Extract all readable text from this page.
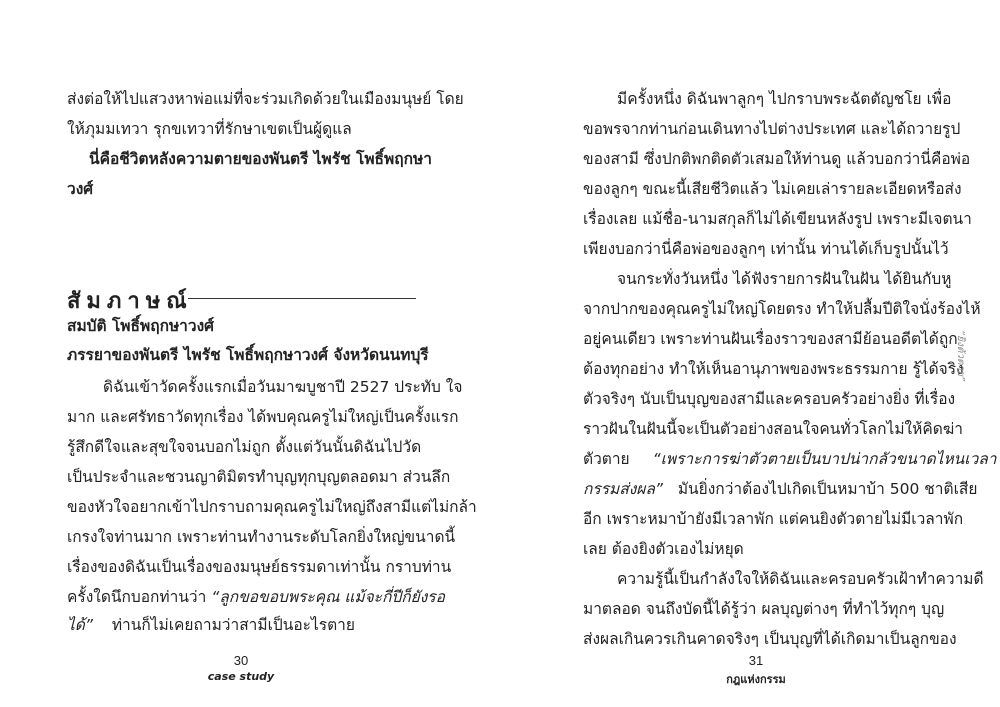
ส่งต่อให้ไปแสวงหาพ่อแม่ที่จะร่วมเกิดด้วยในเมืองมนุษย์ โดย
ให้ภุมมเทวา รุกขเทวาที่รักษาเขตเป็นผู้ดูแล
นี่คือชีวิตหลังความตายของพันตรี ไพรัช โพธิ์พฤกษา
วงศ์
สัมภาษณ์
สมบัติ โพธิ์พฤกษาวงศ์
ภรรยาของพันตรี ไพรัช โพธิ์พฤกษาวงศ์ จังหวัดนนทบุรี
ดิฉันเข้าวัดครั้งแรกเมื่อวันมาฆบูชาปี 2527 ประทับ ใจ
มาก และศรัทธาวัดทุกเรื่อง ได้พบคุณครูไม่ใหญ่เป็นครั้งแรก
รู้สึกดีใจและสุขใจจนบอกไม่ถูก ตั้งแต่วันนั้นดิฉันไปวัด
เป็นประจำและชวนญาติมิตรทำบุญทุกบุญตลอดมา ส่วนลึก
ของหัวใจอยากเข้าไปกราบถามคุณครูไม่ใหญ่ถึงสามีแต่ไม่กล้า
เกรงใจท่านมาก เพราะท่านทำงานระดับโลกยิ่งใหญ่ขนาดนี้
เรื่องของดิฉันเป็นเรื่องของมนุษย์ธรรมดาเท่านั้น กราบท่าน
ครั้งใดนึกบอกท่านว่า “ลูกขอขอบพระคุณ แม้จะกี่ปีก็ยังรอ
ได้” ท่านก็ไม่เคยถามว่าสามีเป็นอะไรตาย
30
case study
มีครั้งหนึ่ง ดิฉันพาลูกๆ ไปกราบพระฉัตตัญชโย เพื่อ
ขอพรจากท่านก่อนเดินทางไปต่างประเทศ และได้ถวายรูป
ของสามี ซึ่งปกติพกติดตัวเสมอให้ท่านดู แล้วบอกว่านี่คือพ่อ
ของลูกๆ ขณะนี้เสียชีวิตแล้ว ไม่เคยเล่ารายละเอียดหรือส่ง
เรื่องเลย แม้ชื่อ-นามสกุลก็ไม่ได้เขียนหลังรูป เพราะมีเจตนา
เพียงบอกว่านี่คือพ่อของลูกๆ เท่านั้น ท่านได้เก็บรูปนั้นไว้
จนกระทั่งวันหนึ่ง ได้ฟังรายการฝันในฝัน ได้ยินกับหู
จากปากของคุณครูไม่ใหญ่โดยตรง ทำให้ปลื้มปีติใจนั่งร้องไห้
อยู่คนเดียว เพราะท่านฝันเรื่องราวของสามีย้อนอดีตได้ถูก
ต้องทุกอย่าง ทำให้เห็นอานุภาพของพระธรรมกาย รู้ได้จริง
ตัวจริงๆ นับเป็นบุญของสามีและครอบครัวอย่างยิ่ง ที่เรื่อง
ราวฝันในฝันนี้จะเป็นตัวอย่างสอนใจคนทั่วโลกไม่ให้คิดฆ่า
ตัวตาย “เพราะการฆ่าตัวตายเป็นบาปน่ากลัวขนาดไหนเวลา
กรรมส่งผล” มันยิ่งกว่าต้องไปเกิดเป็นหมาบ้า 500 ชาติเสีย
อีก เพราะหมาบ้ายังมีเวลาพัก แต่คนยิงตัวตายไม่มีเวลาพัก
เลย ต้องยิงตัวเองไม่หยุด
ความรู้นี้เป็นกำลังใจให้ดิฉันและครอบครัวเฝ้าทำความดี
มาตลอด จนถึงบัดนี้ได้รู้ว่า ผลบุญต่างๆ ที่ทำไว้ทุกๆ บุญ
ส่งผลเกินควรเกินคาดจริงๆ เป็นบุญที่ได้เกิดมาเป็นลูกของ
31
กฎแห่งกรรม
“ยิงตัวตาย”
